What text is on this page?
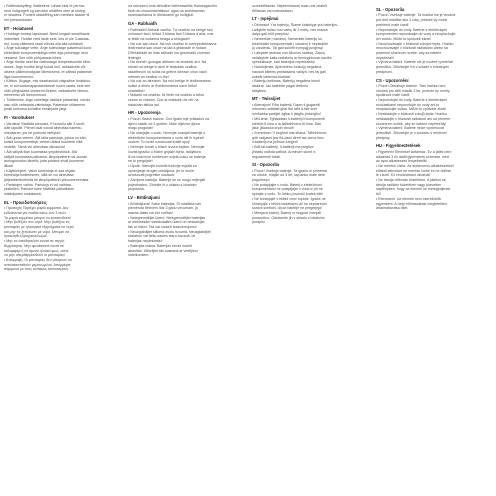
• Rafteriaubyffing. Batteriene i disse skal re perma-
nent nullgrogeft og kan ikke utskiftes uten at stoleg-
er skadess. Fordert utdakffring kan medføre skader til
lrer personskader.
ET - Hoiatused
• Hoiduge tootest lapsimaal. Need kingsid sesalthaval
mänelisel. Hoidke neid laste eest, kes ei ole 3-aastas-
ent, kuna väikesed osad võivad olla alla neelatud!
• Ärge suludage vette. Ärge sulesidage patareisid koos
elektriliste komponentidega vette ega pulsetage neid
vesisest. See võib põhjustada lühist.
• Ärge tõmbe neid liia värtsüdaga temperatuuride tähe-
duses. Ärge hoidke kingi kuival kuli, radiaatorite või
otsese päikesevalguse lähedusess, et vältida patareide
liiga kuumenemist.
• Käiltos. Ärgage, mis sisselasitud valgustise funktsioo-
ne, ei tuti kodumajapidamisesse ruumi saata, sest see
võib põhjustada süsteemi tõrkeid, radiaatorite ülekuu-
menemist või ülekoormust.
• Töötlemise, ärge vahetage üksikke patareisid, nende
sisu võib vahetada valmistaja. Patareide utiliseerim
peab toimuma kohalike eeskirjade järgi.
FI - Varoitukset
• Varoitus! Sisältää pienosia. Ei sovellu alle 3-vuoti-
aille lapsille. Pienet osat voivat aiheuttaa tukehtu-
misvaaran, jos ne joutuvat nieltyksi!
• Älä upota veteen. Älä laita paristoja, joissa on säh-
köisiä komponentteja, veteen äläkä huuhtele niitä
vedellä. Tämä voi aiheuttaa oikosulun!
• Älä säilytä liian kuumassa ympäristössä. Älä
säilytä kuumassa paikassa, lämpöpatterin tai suoran
auringonvalon lähellä, jotta paristot eivät kuumene
liikaa!
• Käyttöohjeet. Valon toimintoja ei saa ohjata
toimintoja tuotteeseen, sillä se voi aiheuttaa
järjestelmävirheitä tai lämpöpatterin ylikuumenemista.
• Paristojen vaihto. Paristoja ei voi vaihtaa
yksitellen. Paristot tulee hävittää paikallisten
määräysten mukaisesti.
EL - Προειδοποιήσεις
• Προσοχή! Περιέχει μικρά κομμάτια. Δεν
ενδείκνυται για παιδιά κάτω των 3 ετών.
Τα μικρά κομμάτια μπορεί να καταποθούν!
• Μην βυθίζετε στο νερό. Μην βυθίζετε τις
μπαταρίες με ηλεκτρικά εξαρτήματα σε νερό
και μην τις ξεπλένετε με νερό. Μπορεί να
προκληθεί βραχυκύκλωμα!
• Μην τα αποθηκεύετε κοντά σε πηγές
θερμότητας. Μην φυλάσσετε κοντά σε
καλοριφέρ ή σε άμεσο ηλιακό φως, ώστε
να μην υπερθερμανθούν οι μπαταρίες!
• Απόρριψη. Οι μπαταρίες δεν μπορούν να
αντικατασταθούν μεμονωμένα. Απορρίψτε
σύμφωνα με τους τοπικούς κανονισμούς.
na micreann nóla athruithe leithreasaithe fhaicesgachtín
fisch an chosolnáchtbleco' agus na sceidiasmán
scamúscéanna le dhéanamh go hoifigiúil.
GA - Rabhaidh
• Rabhaidh! Aicheal caolhó. Tá ceathrú na bréige seo
oiriúnach faoi i bhfad 3 bliana faoi 3 bliana d'aois, mar
is féidir na codanna beaga a shlogadh!
• Ná cuir san uisce. Ná cuir ceallraí le comhpháirteanna
leictreacha san uisce ná iad a ghlanadh le huisce.
D'fhéadfadh an leas silleadh ina ghearradh ciorcaid
leictrigh!
• Ná stóráil i gcóngar aibhsim ná teochtaí ard. Ná
stóráil na bréige in aice le teasolais ceallraí,
radaitheoirí nó solas na gréine díreach chun nach
mbeidh an ceallraí ró-the!
• Ná cuir an áireamh. Ná mol bréige le feidhmeanna
soilse a dhíriú ar fheidhmeanna nach bhfuil
ceadaithe!
• Malartú na ceallraí. Ní féidir na ceallraí a athrú
ceann ar cheann. Cuir ar leataobh de réir na
rialachán áitiúla iad.
HR - Upozorenja
• Pozor! Sadrži balone. Ovo igralo nije prikladno za
djecu mlađu od 3 godine. Male dijelove djeca
mogu progutati!
• Ne uranjajte u vodu. Nemojte uranjati baterije s
električnim komponentama u vodu niti ih ispirati
vodom. To može uzrokovati kratki spoj!
• Nemojte čuvati u blizini izvora topline. Nemojte
čuvati igračku u blizini grijaćih tijela, radijatora
ili na izravnom sunčevom svjetlu kako se baterije
ne bi pregrijale!
• Upute. Nemojte koristiti funkcije svjetla za
upravljanje drugim uređajima, jer to može
uzrokovati pogreške sustava!
• Zamjena baterija. Baterije se ne mogu mijenjati
pojedinačno. Zbrinite ih u skladu s lokalnim
propisima.
LV - Brīdinājumi
• Brīdinājums! Satur baterijas. Šī rotaļlieta nav
piemērota bērniem līdz 3 gadu vecumam, jo
mazas daļas var tikt norītas!
• Neiegremdējiet ūdenī. Neiegremdējiet baterijas
ar elektriskām sastāvdaļām ūdenī un neskalojiet
tās ar ūdeni. Tas var izraisīt īssavienojumu!
• Neuzglabājiet siltuma avotu tuvumā. Neuzglabājiet
radiatoru vai tiešu saules staru tuvumā, lai
baterijas nepārkarstu!
• Baterijas maiņa. Baterijas nevar mainīt
atsevišķi. Utilizējiet tās saskaņā ar vietējiem
noteikumiem.
uzmeklēšanas. Nepieciešama mazu var izraisīt
tīrīšanas vai noskalošanu.
LT - Įspėjimai
• Dėmesio! Yra baterijų. Šiame žaislelyje yra baterijos.
Laikykite toliau nuo vaikų iki 3 metų, nes mažos
dalys gali būti prarytos!
• Nemerkite į vandenį. Nemerkite baterijų su
elektriniais komponentais į vandenį ir neplaukite
jų vandeniu. Tai gali sukelti trumpąjį jungimą!
• Laikykite atokiau nuo šilumos šaltinių. Žaislų
nelaikykite šalia radiatorių ar tiesioginiuose saulės
spinduliuose, kad baterijos neperkaistų!
• Naudojimas. Apšvietimo funkcijų negalima
naudoti kitiems prietaisams valdyti, nes tai gali
sukelti sistemos klaidas!
• Baterijų keitimas. Baterijų negalima keisti
atskirai. Jas šalinkite pagal vietines
taisykles.
MT - Twissijiet
• Attenzjoni! Fiha batteriji. Dawn il-ġugarelli
mhumiex adattati għal tfal taħt it-tliet snin
minħabba partijiet żgħar li jistgħu jinbelgħu!
• Mill-ilma. Tgħaddasx il-batteriji b'komponenti
elettriċi fl-ilma u la tlaħlaħhomx bl-ilma. Dan
jista' jikkawża short circuit!
• Żommhom 'il bogħod mis-sħana. Taħżinhomx
qrib radjaturi jew fid-dawl dirett tax-xemx biex
il-batteriji ma jisħnux żżejjed!
• Bdil tal-batteriji. Il-batteriji ma jistgħux
jinbidlu waħda waħda. Armihom skont ir-
regolamenti lokali.
SI - Opozorila
• Pozor! Vsebuje baterije. Ta igrača ni primerna
za otroke, mlajše od 3 let, saj lahko male dele
pogoltnejo!
• Ne potapljajte v vodo. Baterij z električnimi
komponentami ne potapljajte v vodo in jih ne
spirajte z vodo. To lahko povzroči kratek stik!
• Ne shranjujte v bližini virov toplote. Igrače ne
shranjujte v bližini radiatorjev ali na neposredni
sončni svetlobi, da se baterije ne pregrejejo!
• Menjava baterij. Baterij ni mogoče menjati
posamično. Odstranite jih v skladu z lokalnimi
predpisi.
SL - Opozorila
• Pozor! Vsebuje baterije. Ta hračka nie je vhodná
pre deti mladšie ako 3 roky, pretože by mohli
prehltnúť malé časti!
• Neponárajte do vody. Batérie s elektrickými
komponentmi neponárajte do vody a neoplachujte
ich vodou. Môže to spôsobiť skrat!
• Neuchovávajte v blízkosti zdrojov tepla. Hračku
neuchovávajte v blízkosti radiátorov alebo na
priamom slnečnom svetle, aby sa batérie
neprehriali!
• Výmena batérií. Batérie nie je možné vymieňať
jednotlivo. Zlikvidujte ich v súlade s miestnymi
predpismi.
CS - Upozornění
• Pozor! Obsahuje baterie. Tato hračka není
vhodná pro děti mladší 3 let, protože by mohly
spolknout malé části!
• Neponořujte do vody. Baterie s elektrickými
součástkami neponořujte do vody ani je
neoplachujte vodou. Může to způsobit zkrat!
• Neskladujte v blízkosti zdrojů tepla. Hračku
neskladujte v blízkosti radiátorů ani na přímém
slunečním světle, aby se baterie nepřehřály!
• Výměna baterií. Baterie nelze vyměňovat
jednotlivě. Zlikvidujte je v souladu s místními
předpisy.
HU - Figyelmeztetések
• Figyelem! Elemeket tartalmaz. Ez a játék nem
alkalmas 3 év alatti gyermekek számára, mert
az apró alkatrészek lenyelhetők!
• Ne merítse vízbe. Az elektromos alkatrészekkel
ellátott elemeket ne merítse vízbe és ne öblítse
le vízzel. Ez rövidzárlatot okozhat!
• Ne tárolja hőforrás közelében. A játékot ne
tárolja radiátor közelében vagy közvetlen
napfényben, hogy az elemek ne melegedjenek
túl!
• Elemcsere. Az elemek nem cserélhetők
egyenként. A helyi előírásoknak megfelelően
ártalmatlanítsa őket.
